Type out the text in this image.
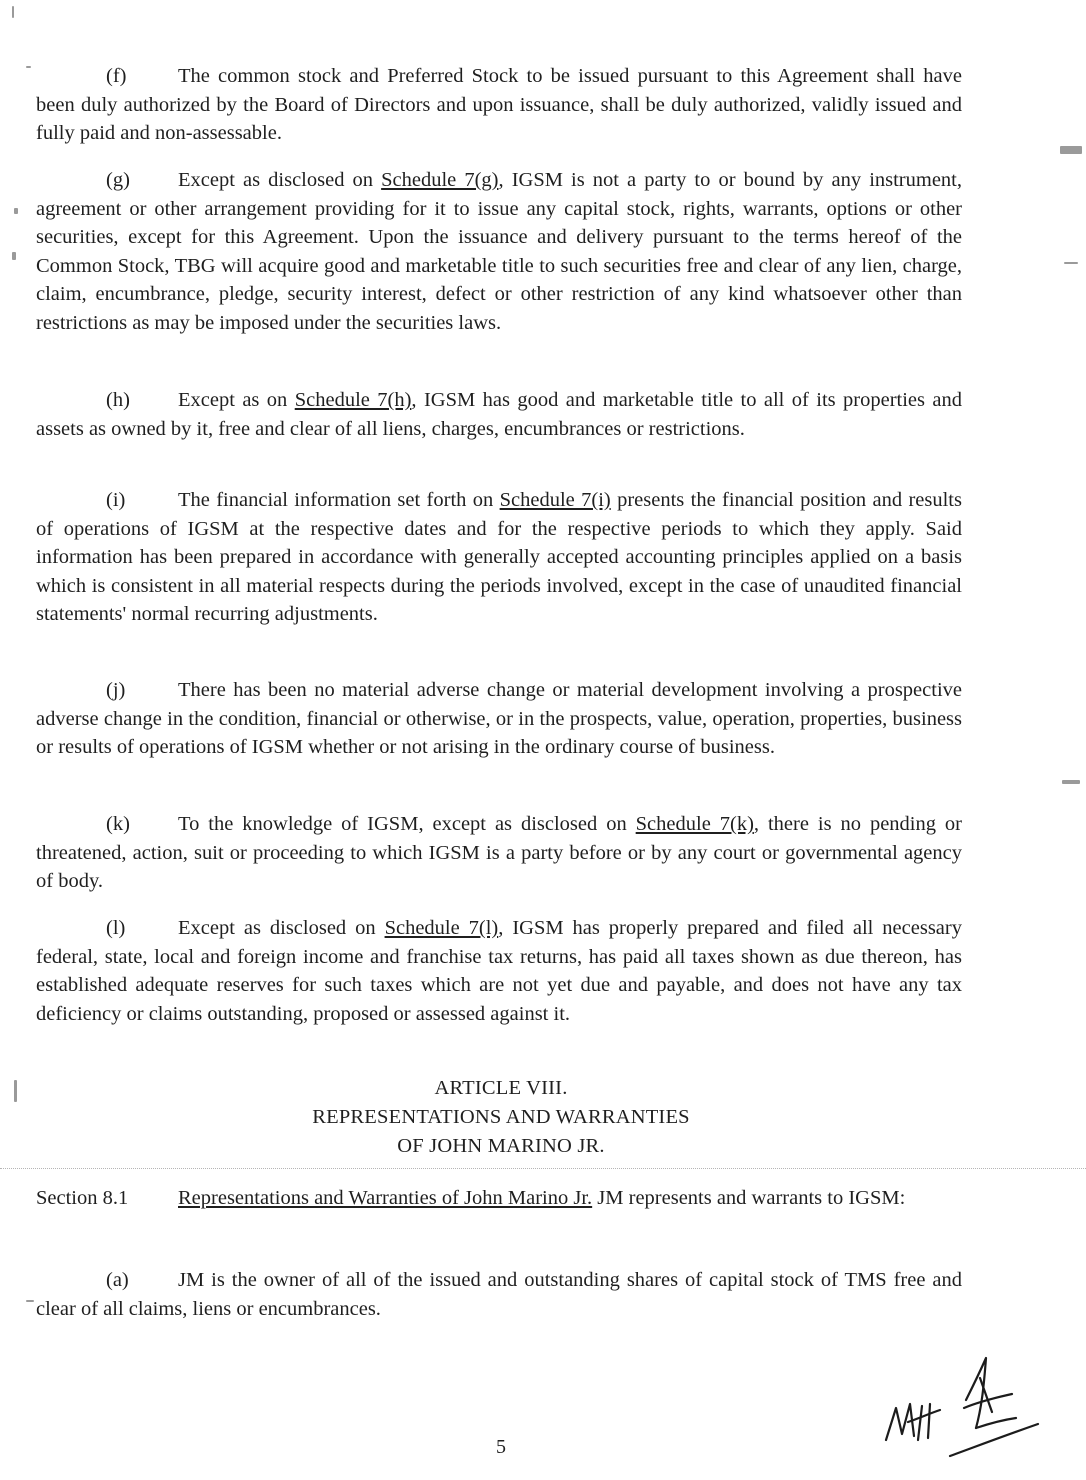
(f)	The common stock and Preferred Stock to be issued pursuant to this Agreement shall have been duly authorized by the Board of Directors and upon issuance, shall be duly authorized, validly issued and fully paid and non-assessable.
(g) Except as disclosed on Schedule 7(g), IGSM is not a party to or bound by any instrument, agreement or other arrangement providing for it to issue any capital stock, rights, warrants, options or other securities, except for this Agreement. Upon the issuance and delivery pursuant to the terms hereof of the Common Stock, TBG will acquire good and marketable title to such securities free and clear of any lien, charge, claim, encumbrance, pledge, security interest, defect or other restriction of any kind whatsoever other than restrictions as may be imposed under the securities laws.
(h) Except as on Schedule 7(h), IGSM has good and marketable title to all of its properties and assets as owned by it, free and clear of all liens, charges, encumbrances or restrictions.
(i)	The financial information set forth on Schedule 7(i) presents the financial position and results of operations of IGSM at the respective dates and for the respective periods to which they apply. Said information has been prepared in accordance with generally accepted accounting principles applied on a basis which is consistent in all material respects during the periods involved, except in the case of unaudited financial statements' normal recurring adjustments.
(j)	There has been no material adverse change or material development involving a prospective adverse change in the condition, financial or otherwise, or in the prospects, value, operation, properties, business or results of operations of IGSM whether or not arising in the ordinary course of business.
(k) To the knowledge of IGSM, except as disclosed on Schedule 7(k), there is no pending or threatened, action, suit or proceeding to which IGSM is a party before or by any court or governmental agency of body.
(l)	Except as disclosed on Schedule 7(l), IGSM has properly prepared and filed all necessary federal, state, local and foreign income and franchise tax returns, has paid all taxes shown as due thereon, has established adequate reserves for such taxes which are not yet due and payable, and does not have any tax deficiency or claims outstanding, proposed or assessed against it.
ARTICLE VIII.
REPRESENTATIONS AND WARRANTIES
OF JOHN MARINO JR.
Section 8.1 Representations and Warranties of John Marino Jr. JM represents and warrants to IGSM:
(a) JM is the owner of all of the issued and outstanding shares of capital stock of TMS free and clear of all claims, liens or encumbrances.
5
